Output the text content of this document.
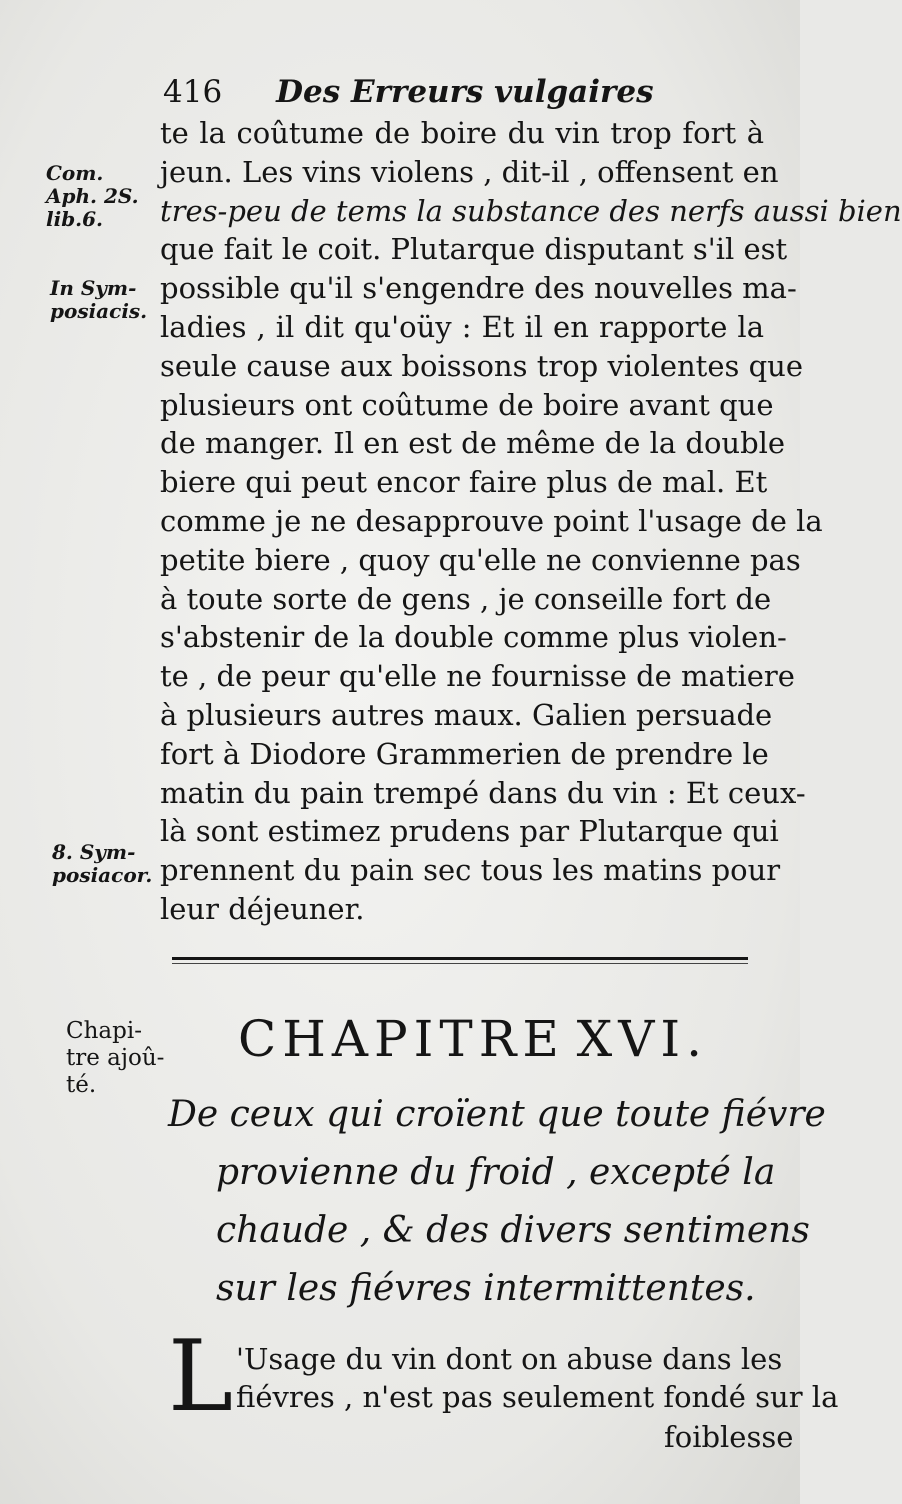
416 Des Erreurs vulgaires
Com.
Aph. 2S.
lib.6.
In Sym-
posiacis.
8. Sym-
posiacor.
te la coûtume de boire du vin trop fort à
jeun. Les vins violens , dit-il , offensent en
tres-peu de tems la substance des nerfs aussi bien
que fait le coit. Plutarque disputant s'il est
possible qu'il s'engendre des nouvelles ma-
ladies , il dit qu'oüy : Et il en rapporte la
seule cause aux boissons trop violentes que
plusieurs ont coûtume de boire avant que
de manger. Il en est de même de la double
biere qui peut encor faire plus de mal. Et
comme je ne desapprouve point l'usage de la
petite biere , quoy qu'elle ne convienne pas
à toute sorte de gens , je conseille fort de
s'abstenir de la double comme plus violen-
te , de peur qu'elle ne fournisse de matiere
à plusieurs autres maux. Galien persuade
fort à Diodore Grammerien de prendre le
matin du pain trempé dans du vin : Et ceux-
là sont estimez prudens par Plutarque qui
prennent du pain sec tous les matins pour
leur déjeuner.
Chapi-
tre ajoû-
té.
CHAPITRE XVI.
De ceux qui croïent que toute fiévre
provienne du froid , excepté la
chaude , & des divers sentimens
sur les fiévres intermittentes.
L 'Usage du vin dont on abuse dans les
fiévres , n'est pas seulement fondé sur la
foiblesse
